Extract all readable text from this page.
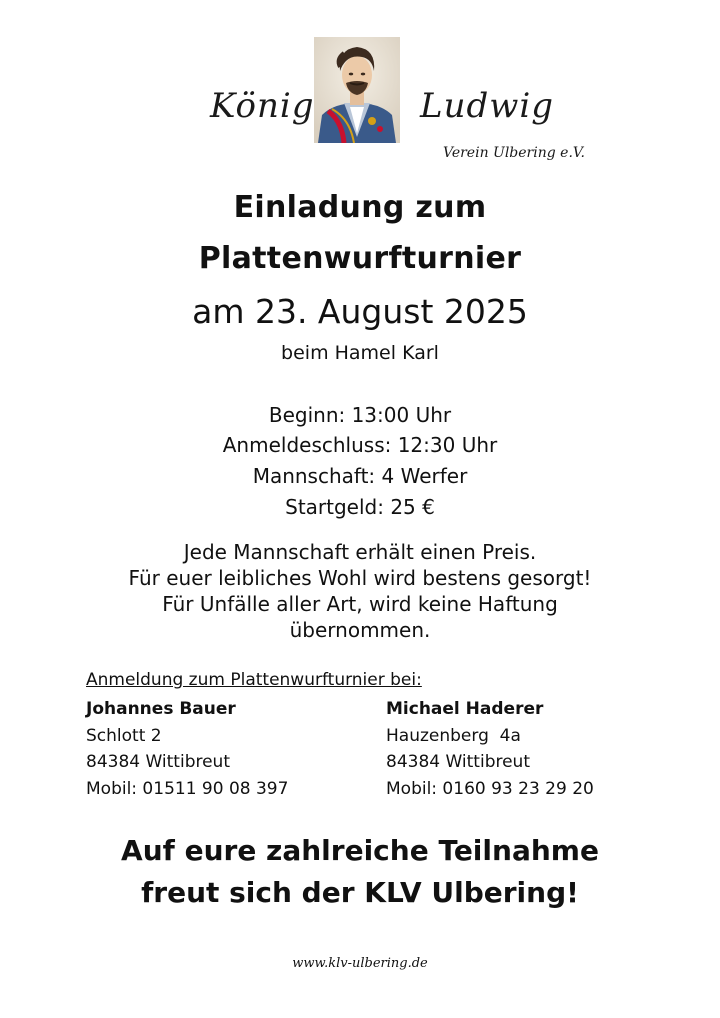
König	Ludwig
Verein Ulbering e.V.
Einladung zum
Plattenwurfturnier
am 23. August 2025
beim Hamel Karl
Beginn: 13:00 Uhr
Anmeldeschluss: 12:30 Uhr
Mannschaft: 4 Werfer
Startgeld: 25 €
Jede Mannschaft erhält einen Preis.
Für euer leibliches Wohl wird bestens gesorgt!
Für Unfälle aller Art, wird keine Haftung
übernommen.
Anmeldung zum Plattenwurfturnier bei:
Johannes Bauer
Schlott 2
84384 Wittibreut
Mobil: 01511 90 08 397
Michael Haderer
Hauzenberg  4a
84384 Wittibreut
Mobil: 0160 93 23 29 20
Auf eure zahlreiche Teilnahme
freut sich der KLV Ulbering!
www.klv-ulbering.de
